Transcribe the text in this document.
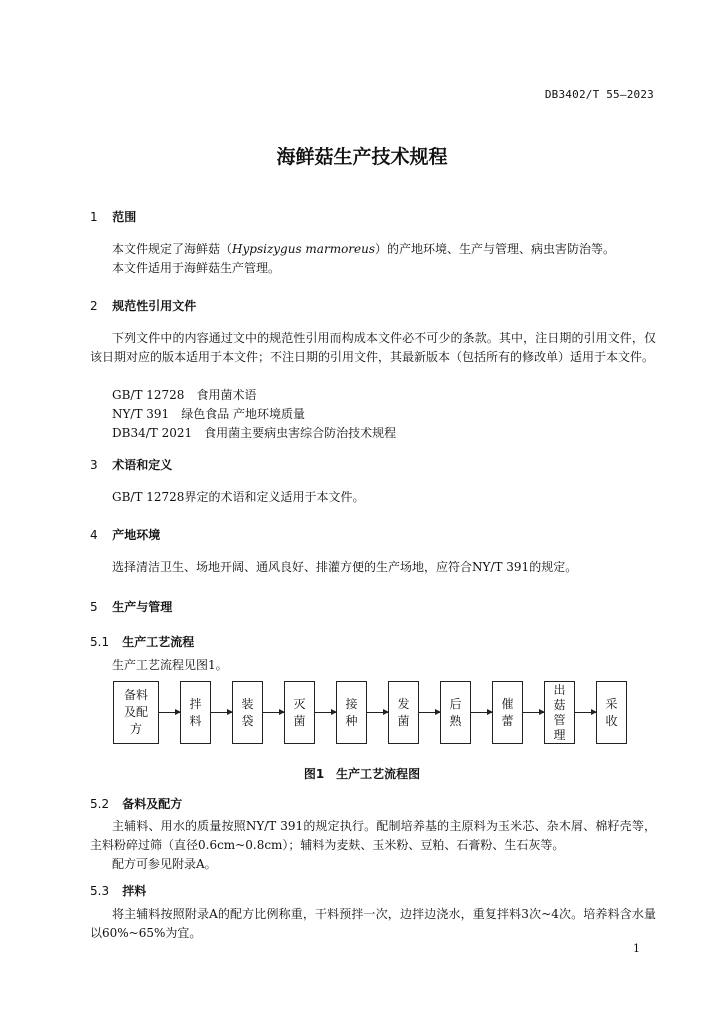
DB3402/T 55—2023
海鲜菇生产技术规程
1 范围
本文件规定了海鲜菇（Hypsizygus marmoreus）的产地环境、生产与管理、病虫害防治等。
本文件适用于海鲜菇生产管理。
2 规范性引用文件
下列文件中的内容通过文中的规范性引用而构成本文件必不可少的条款。其中，注日期的引用文件，仅该日期对应的版本适用于本文件；不注日期的引用文件，其最新版本（包括所有的修改单）适用于本文件。
GB/T 12728　食用菌术语
NY/T 391　绿色食品 产地环境质量
DB34/T 2021　食用菌主要病虫害综合防治技术规程
3 术语和定义
GB/T 12728界定的术语和定义适用于本文件。
4 产地环境
选择清洁卫生、场地开阔、通风良好、排灌方便的生产场地，应符合NY/T 391的规定。
5 生产与管理
5.1 生产工艺流程
生产工艺流程见图1。
备料
及配
方
拌
料
装
袋
灭
菌
接
种
发
菌
后
熟
催
蕾
出
菇
管
理
采
收
图1　生产工艺流程图
5.2 备料及配方
主辅料、用水的质量按照NY/T 391的规定执行。配制培养基的主原料为玉米芯、杂木屑、棉籽壳等，主料粉碎过筛（直径0.6cm~0.8cm）；辅料为麦麸、玉米粉、豆粕、石膏粉、生石灰等。
配方可参见附录A。
5.3 拌料
将主辅料按照附录A的配方比例称重，干料预拌一次，边拌边浇水，重复拌料3次~4次。培养料含水量以60%~65%为宜。
1
